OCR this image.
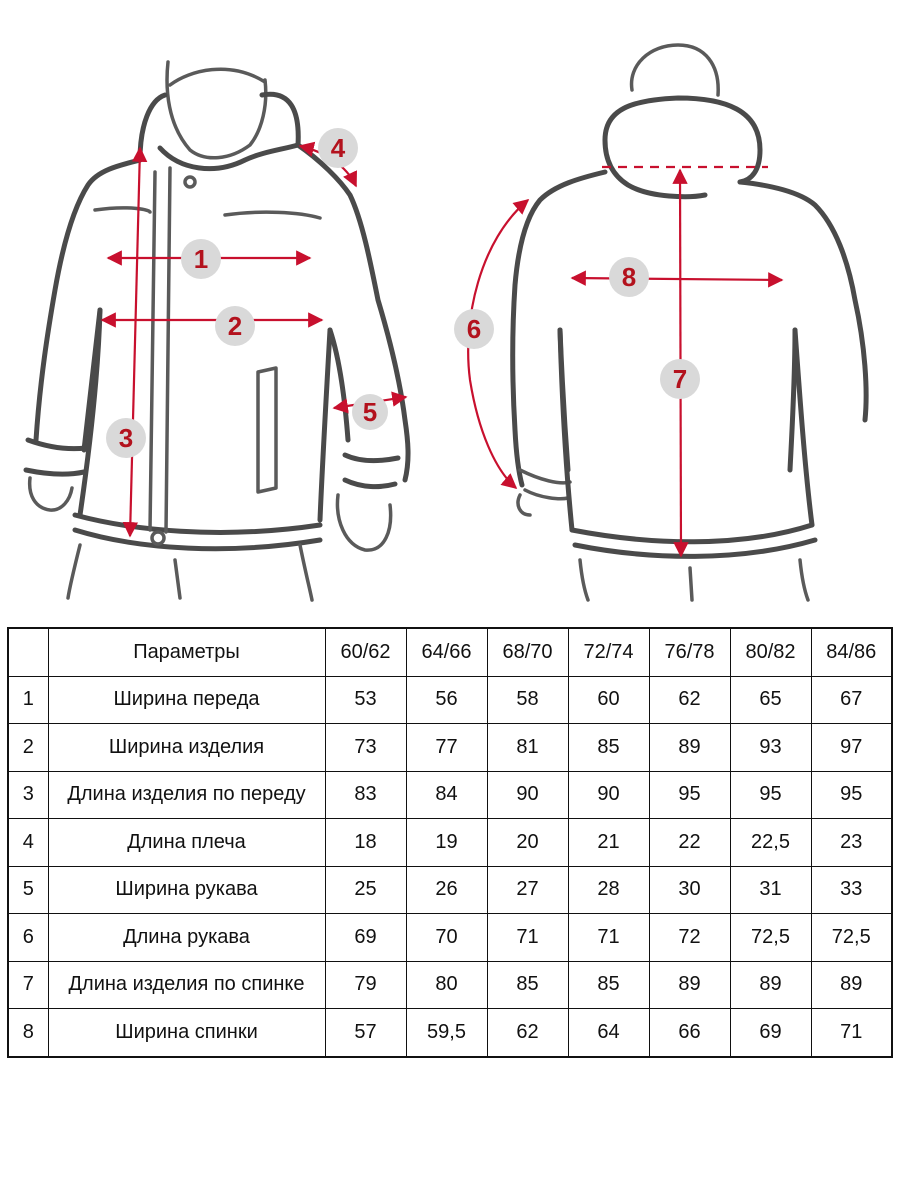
1
2
3
4
5
6
7
8
	Параметры	60/62	64/66	68/70	72/74	76/78	80/82	84/86
1	Ширина переда	53	56	58	60	62	65	67
2	Ширина изделия	73	77	81	85	89	93	97
3	Длина изделия по переду	83	84	90	90	95	95	95
4	Длина плеча	18	19	20	21	22	22,5	23
5	Ширина рукава	25	26	27	28	30	31	33
6	Длина рукава	69	70	71	71	72	72,5	72,5
7	Длина изделия по спинке	79	80	85	85	89	89	89
8	Ширина спинки	57	59,5	62	64	66	69	71
